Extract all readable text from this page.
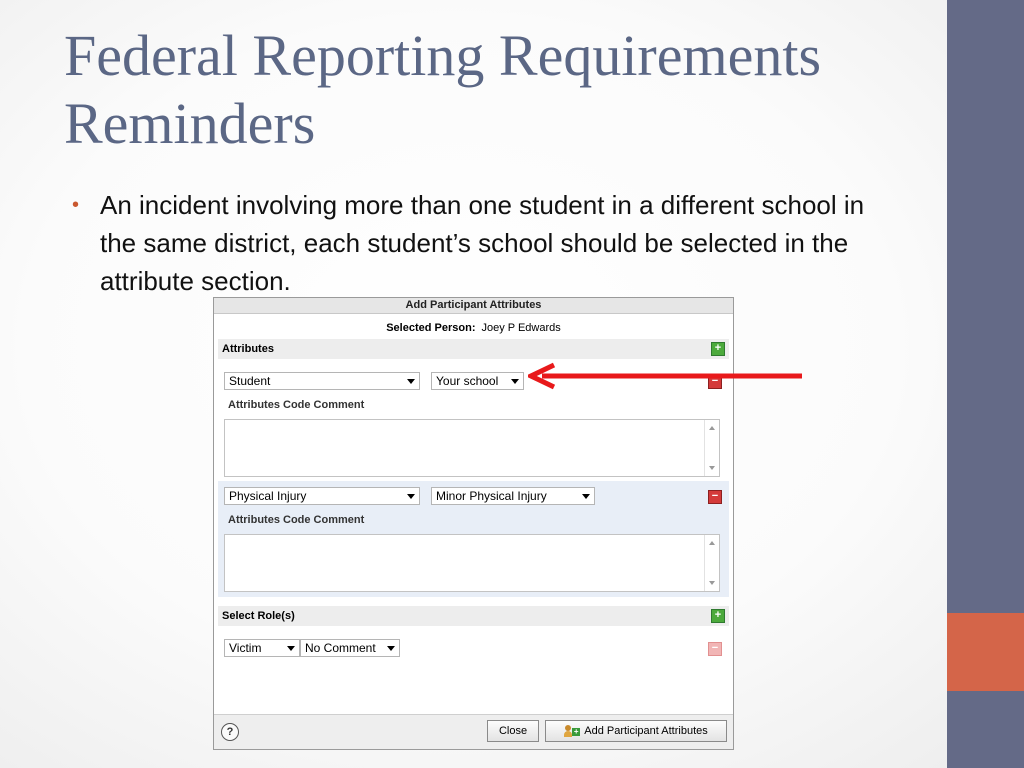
Federal Reporting Requirements Reminders
• An incident involving more than one student in a different school in the same district, each student’s school should be selected in the attribute section.
Add Participant Attributes
Selected Person: Joey P Edwards
Attributes	+
Student	Your school	−
Attributes Code Comment
Physical Injury	Minor Physical Injury	−
Attributes Code Comment
Select Role(s)	+
Victim	No Comment	−
?	Close	+ Add Participant Attributes
